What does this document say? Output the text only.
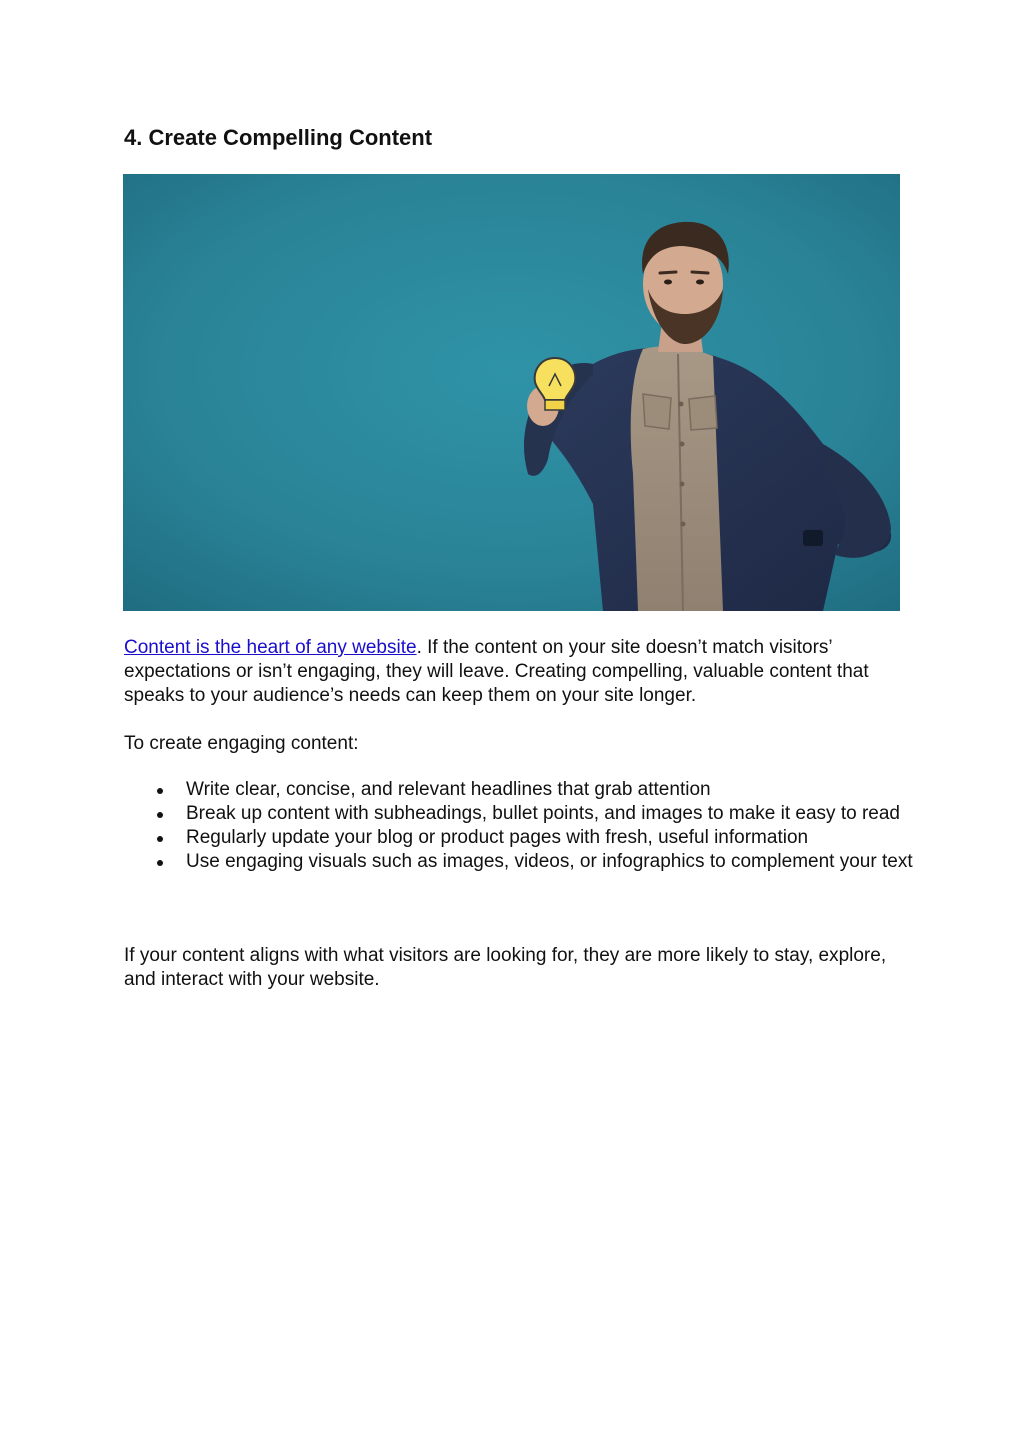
4. Create Compelling Content

Content is the heart of any website. If the content on your site doesn’t match visitors’ expectations or isn’t engaging, they will leave. Creating compelling, valuable content that speaks to your audience’s needs can keep them on your site longer.

To create engaging content:

Write clear, concise, and relevant headlines that grab attention
Break up content with subheadings, bullet points, and images to make it easy to read
Regularly update your blog or product pages with fresh, useful information
Use engaging visuals such as images, videos, or infographics to complement your text

If your content aligns with what visitors are looking for, they are more likely to stay, explore, and interact with your website.
